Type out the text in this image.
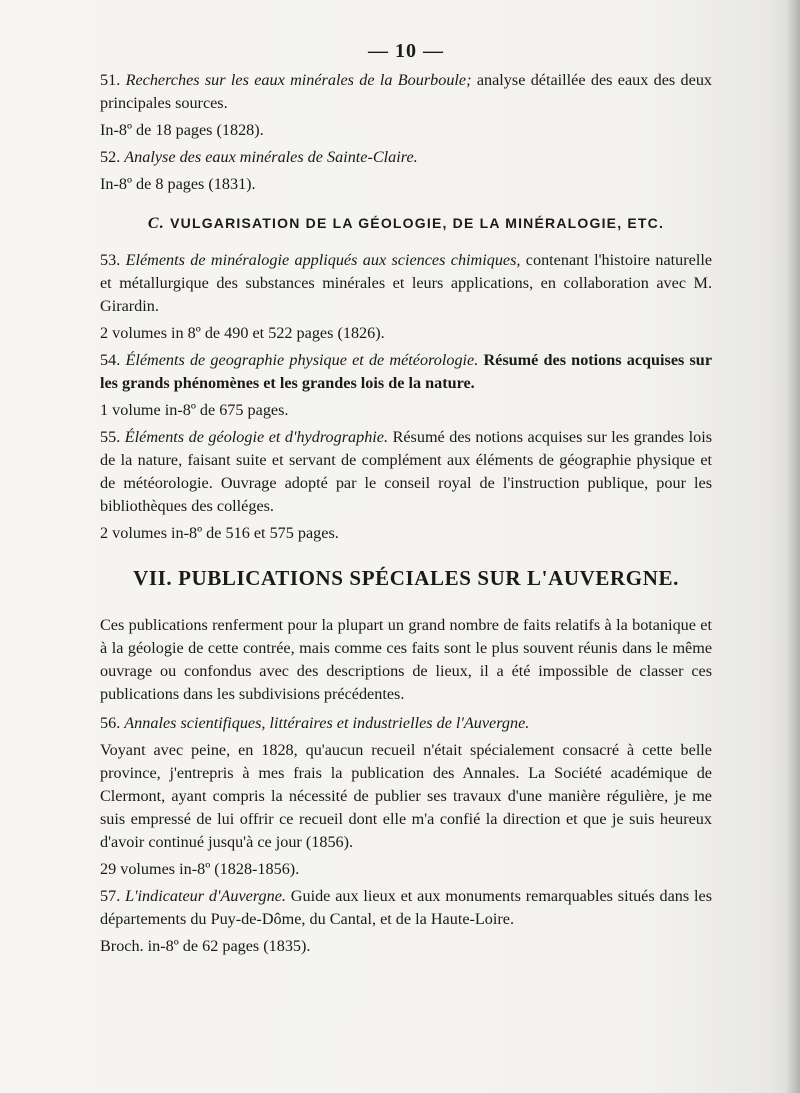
— 10 —

51. Recherches sur les eaux minérales de la Bourboule; analyse détaillée des eaux des deux principales sources.

In-8º de 18 pages (1828).

52. Analyse des eaux minérales de Sainte-Claire.

In-8º de 8 pages (1831).

C. VULGARISATION DE LA GÉOLOGIE, DE LA MINÉRALOGIE, ETC.

53. Eléments de minéralogie appliqués aux sciences chimiques, contenant l'histoire naturelle et métallurgique des substances minérales et leurs applications, en collaboration avec M. Girardin.

2 volumes in 8º de 490 et 522 pages (1826).

54. Éléments de geographie physique et de météorologie. Résumé des notions acquises sur les grands phénomènes et les grandes lois de la nature.

1 volume in-8º de 675 pages.

55. Éléments de géologie et d'hydrographie. Résumé des notions acquises sur les grandes lois de la nature, faisant suite et servant de complément aux éléments de géographie physique et de météorologie. Ouvrage adopté par le conseil royal de l'instruction publique, pour les bibliothèques des colléges.

2 volumes in-8º de 516 et 575 pages.

VII. PUBLICATIONS SPÉCIALES SUR L'AUVERGNE.

Ces publications renferment pour la plupart un grand nombre de faits relatifs à la botanique et à la géologie de cette contrée, mais comme ces faits sont le plus souvent réunis dans le même ouvrage ou confondus avec des descriptions de lieux, il a été impossible de classer ces publications dans les subdivisions précédentes.

56. Annales scientifiques, littéraires et industrielles de l'Auvergne.

Voyant avec peine, en 1828, qu'aucun recueil n'était spécialement consacré à cette belle province, j'entrepris à mes frais la publication des Annales. La Société académique de Clermont, ayant compris la nécessité de publier ses travaux d'une manière régulière, je me suis empressé de lui offrir ce recueil dont elle m'a confié la direction et que je suis heureux d'avoir continué jusqu'à ce jour (1856).

29 volumes in-8º (1828-1856).

57. L'indicateur d'Auvergne. Guide aux lieux et aux monuments remarquables situés dans les départements du Puy-de-Dôme, du Cantal, et de la Haute-Loire.

Broch. in-8º de 62 pages (1835).
